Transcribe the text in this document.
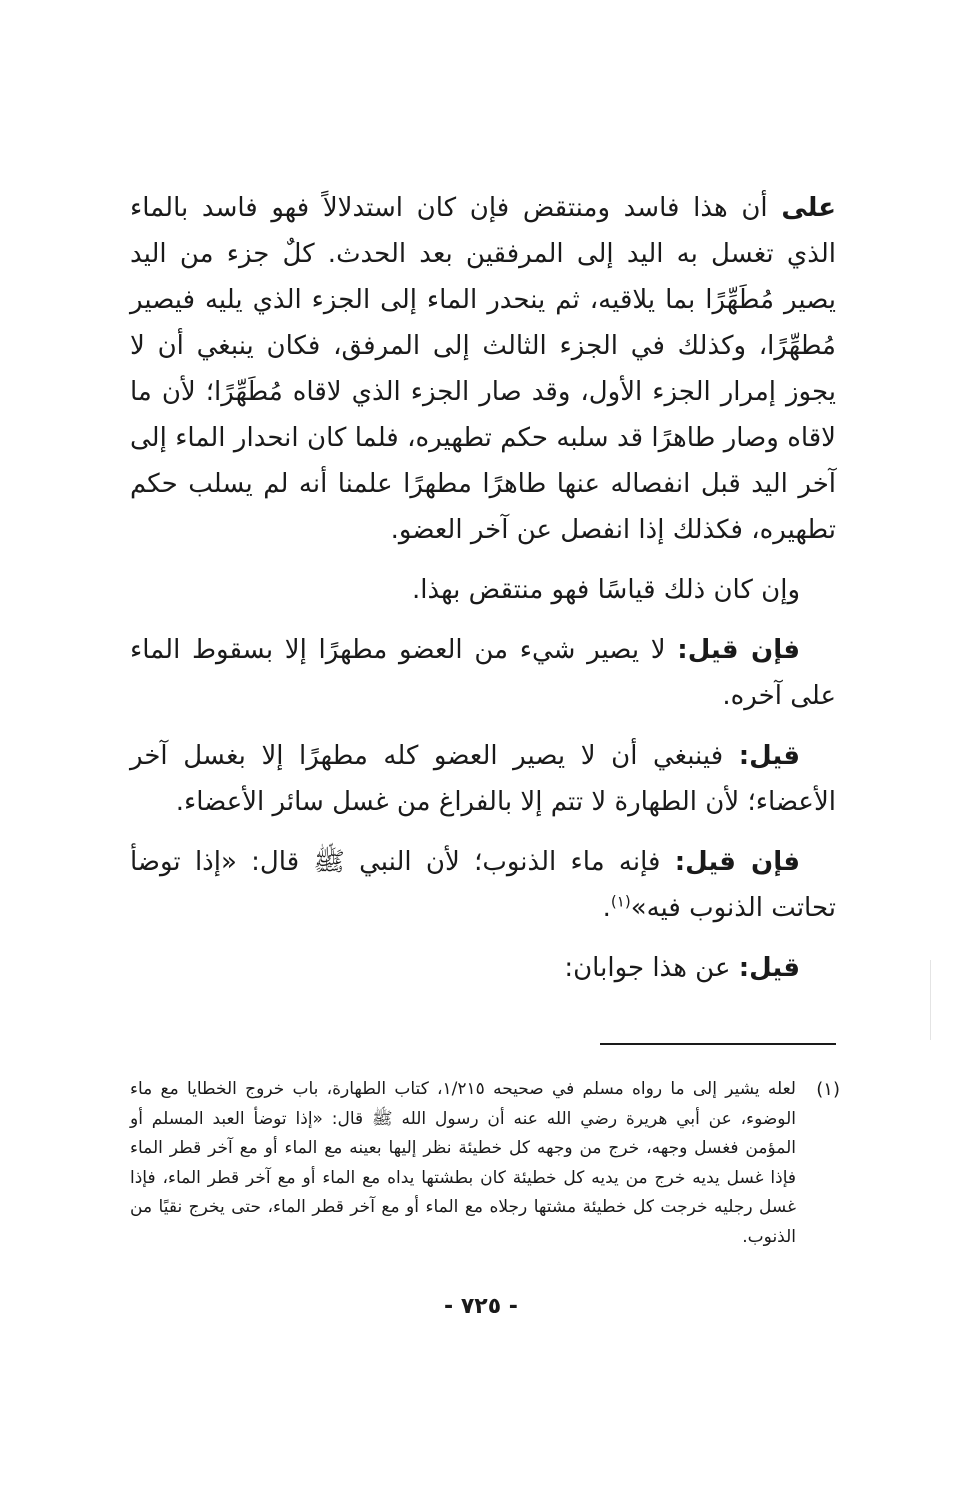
على أن هذا فاسد ومنتقض فإن كان استدلالاً فهو فاسد بالماء الذي تغسل به اليد إلى المرفقين بعد الحدث. كلٌ جزء من اليد يصير مُطَهِّرًا بما يلاقيه، ثم ينحدر الماء إلى الجزء الذي يليه فيصير مُطهِّرًا، وكذلك في الجزء الثالث إلى المرفق، فكان ينبغي أن لا يجوز إمرار الجزء الأول، وقد صار الجزء الذي لاقاه مُطَهِّرًا؛ لأن ما لاقاه وصار طاهرًا قد سلبه حكم تطهيره، فلما كان انحدار الماء إلى آخر اليد قبل انفصاله عنها طاهرًا مطهرًا علمنا أنه لم يسلب حكم تطهيره، فكذلك إذا انفصل عن آخر العضو.

وإن كان ذلك قياسًا فهو منتقض بهذا.

فإن قيل: لا يصير شيء من العضو مطهرًا إلا بسقوط الماء على آخره.

قيل: فينبغي أن لا يصير العضو كله مطهرًا إلا بغسل آخر الأعضاء؛ لأن الطهارة لا تتم إلا بالفراغ من غسل سائر الأعضاء.

فإن قيل: فإنه ماء الذنوب؛ لأن النبي ﷺ قال: «إذا توضأ تحاتت الذنوب فيه»$^{(١)}$.

قيل: عن هذا جوابان:

(١)
لعله يشير إلى ما رواه مسلم في صحيحه ١/٢١٥، كتاب الطهارة، باب خروج الخطايا مع ماء الوضوء، عن أبي هريرة رضي الله عنه أن رسول الله ﷺ قال: «إذا توضأ العبد المسلم أو المؤمن فغسل وجهه، خرج من وجهه كل خطيئة نظر إليها بعينه مع الماء أو مع آخر قطر الماء فإذا غسل يديه خرج من يديه كل خطيئة كان بطشتها يداه مع الماء أو مع آخر قطر الماء، فإذا غسل رجليه خرجت كل خطيئة مشتها رجلاه مع الماء أو مع آخر قطر الماء، حتى يخرج نقيًا من الذنوب.
- ٧٢٥ -
